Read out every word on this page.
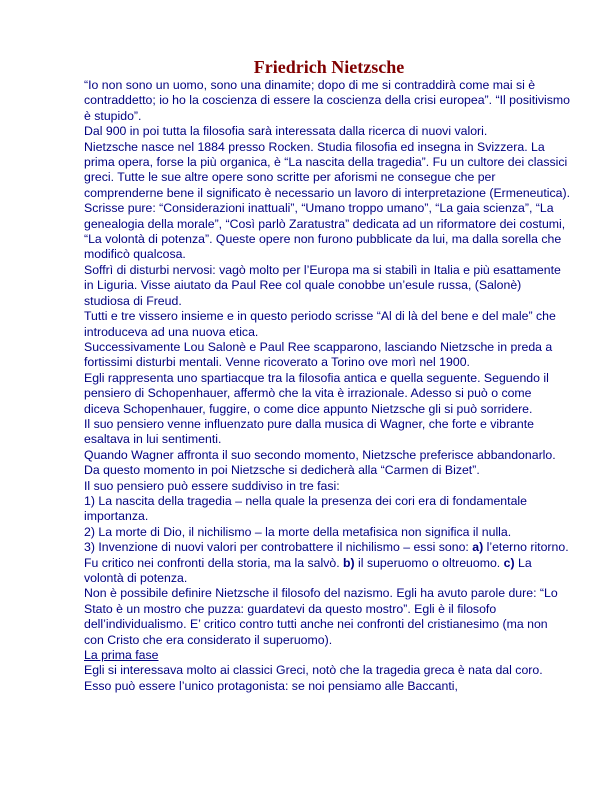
Friedrich Nietzsche

“Io non sono un uomo, sono una dinamite; dopo di me si contraddirà come mai si è contraddetto; io ho la coscienza di essere la coscienza della crisi europea”. “Il positivismo è stupido”.

Dal 900 in poi tutta la filosofia sarà interessata dalla ricerca di nuovi valori.

Nietzsche nasce nel 1884 presso Rocken. Studia filosofia ed insegna in Svizzera. La prima opera, forse la più organica, è “La nascita della tragedia”. Fu un cultore dei classici greci. Tutte le sue altre opere sono scritte per aforismi ne consegue che per comprenderne bene il significato è necessario un lavoro di interpretazione (Ermeneutica).

Scrisse pure: “Considerazioni inattuali”, “Umano troppo umano”, “La gaia scienza”, “La genealogia della morale”, “Così parlò Zaratustra” dedicata ad un riformatore dei costumi, “La volontà di potenza”. Queste opere non furono pubblicate da lui, ma dalla sorella che modificò qualcosa.

Soffrì di disturbi nervosi: vagò molto per l’Europa ma si stabilì in Italia e più esattamente in Liguria. Visse aiutato da Paul Ree col quale conobbe un’esule russa, (Salonè) studiosa di Freud.

Tutti e tre vissero insieme e in questo periodo scrisse “Al di là del bene e del male” che introduceva ad una nuova etica.

Successivamente Lou Salonè e Paul Ree scapparono, lasciando Nietzsche in preda a fortissimi disturbi mentali. Venne ricoverato a Torino ove morì nel 1900.

Egli rappresenta uno spartiacque tra la filosofia antica e quella seguente. Seguendo il pensiero di Schopenhauer, affermò che la vita è irrazionale. Adesso si può o come diceva Schopenhauer, fuggire, o come dice appunto Nietzsche gli si può sorridere.

Il suo pensiero venne influenzato pure dalla musica di Wagner, che forte e vibrante esaltava in lui sentimenti.

Quando Wagner affronta il suo secondo momento, Nietzsche preferisce abbandonarlo. Da questo momento in poi Nietzsche si dedicherà alla “Carmen di Bizet”.

Il suo pensiero può essere suddiviso in tre fasi:

1) La nascita della tragedia – nella quale la presenza dei cori era di fondamentale importanza.

2) La morte di Dio, il nichilismo – la morte della metafisica non significa il nulla.

3) Invenzione di nuovi valori per controbattere il nichilismo – essi sono: a) l’eterno ritorno. Fu critico nei confronti della storia, ma la salvò. b) il superuomo o oltreuomo. c) La volontà di potenza.

Non è possibile definire Nietzsche il filosofo del nazismo. Egli ha avuto parole dure: “Lo Stato è un mostro che puzza: guardatevi da questo mostro”. Egli è il filosofo dell’individualismo. E’ critico contro tutti anche nei confronti del cristianesimo (ma non con Cristo che era considerato il superuomo).

La prima fase

Egli si interessava molto ai classici Greci, notò che la tragedia greca è nata dal coro. Esso può essere l’unico protagonista: se noi pensiamo alle Baccanti,
